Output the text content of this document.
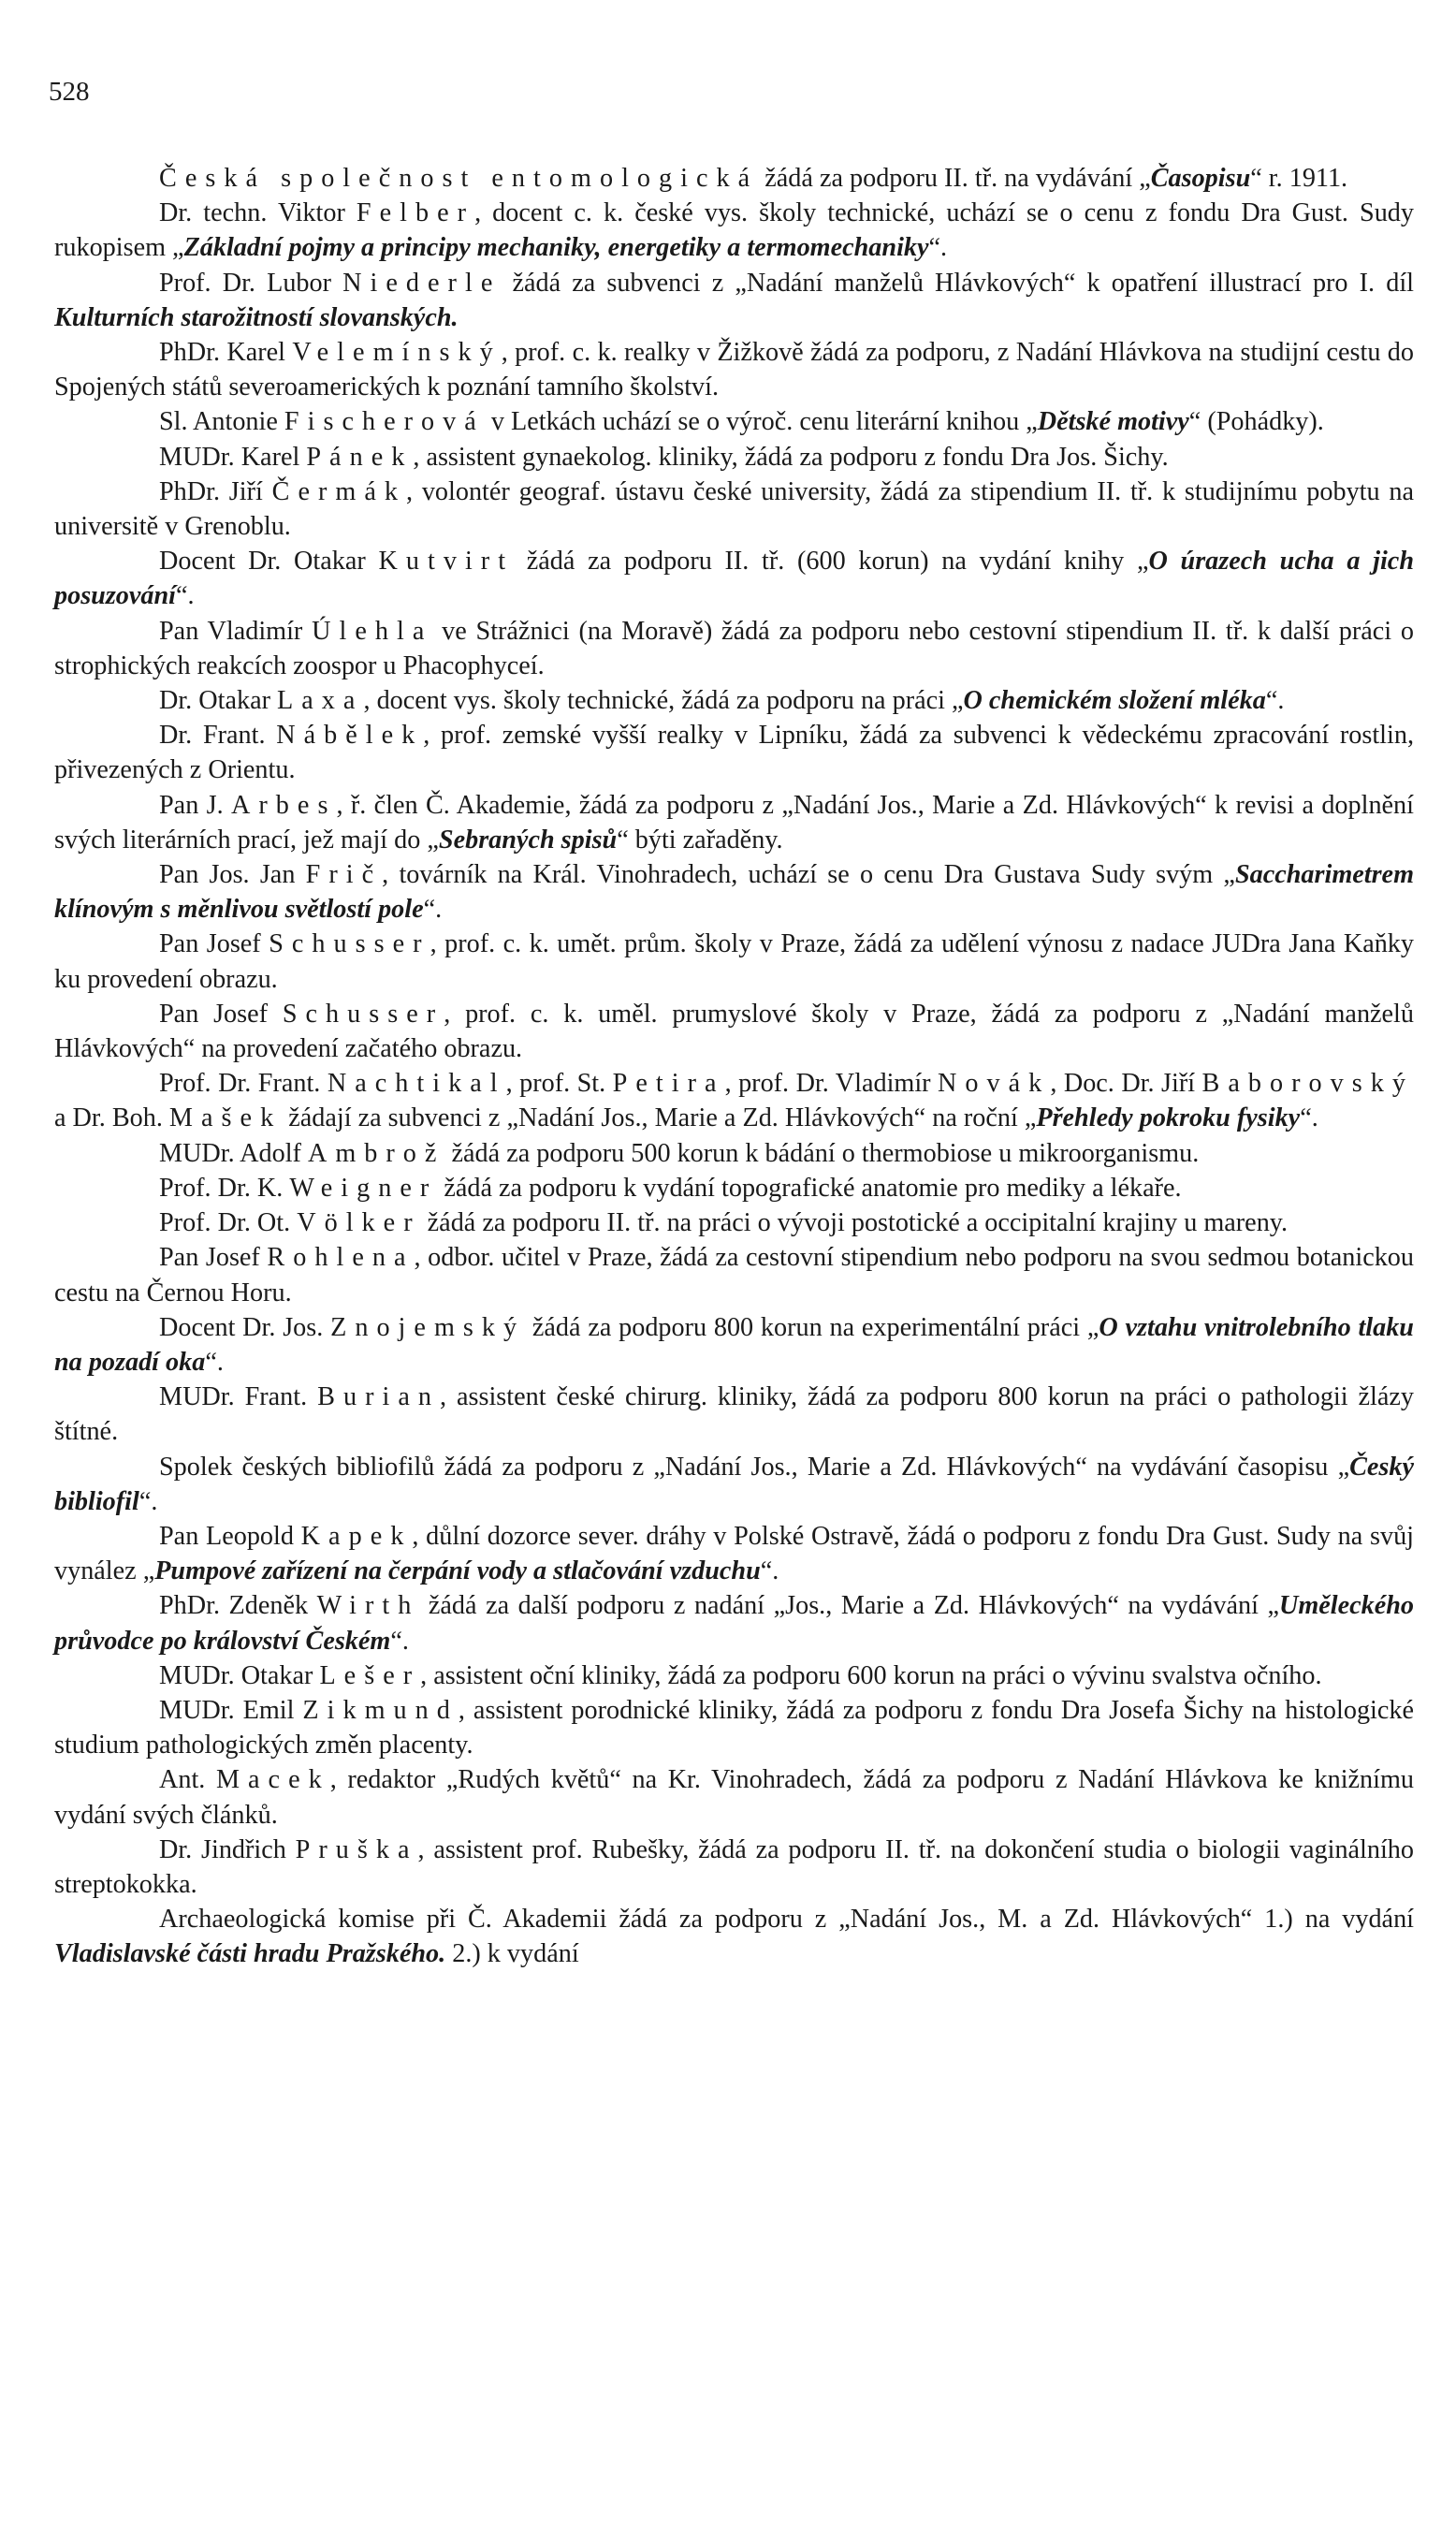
528

Česká společnost entomologická žádá za podporu II. tř. na vydávání „Časopisu“ r. 1911.

Dr. techn. Viktor Felber, docent c. k. české vys. školy technické, uchází se o cenu z fondu Dra Gust. Sudy rukopisem „Základní pojmy a principy mechaniky, energetiky a termomechaniky“.

Prof. Dr. Lubor Niederle žádá za subvenci z „Nadání manželů Hlávkových“ k opatření illustrací pro I. díl Kulturních starožitností slovanských.

PhDr. Karel Velemínský, prof. c. k. realky v Žižkově žádá za podporu, z Nadání Hlávkova na studijní cestu do Spojených států severoamerických k poznání tamního školství.

Sl. Antonie Fischerová v Letkách uchází se o výroč. cenu literární knihou „Dětské motivy“ (Pohádky).

MUDr. Karel Pánek, assistent gynaekolog. kliniky, žádá za podporu z fondu Dra Jos. Šichy.

PhDr. Jiří Čermák, volontér geograf. ústavu české university, žádá za stipendium II. tř. k studijnímu pobytu na universitě v Grenoblu.

Docent Dr. Otakar Kutvirt žádá za podporu II. tř. (600 korun) na vydání knihy „O úrazech ucha a jich posuzování“.

Pan Vladimír Úlehla ve Strážnici (na Moravě) žádá za podporu nebo cestovní stipendium II. tř. k další práci o strophických reakcích zoospor u Phacophyceí.

Dr. Otakar Laxa, docent vys. školy technické, žádá za podporu na práci „O chemickém složení mléka“.

Dr. Frant. Nábělek, prof. zemské vyšší realky v Lipníku, žádá za subvenci k vědeckému zpracování rostlin, přivezených z Orientu.

Pan J. Arbes, ř. člen Č. Akademie, žádá za podporu z „Nadání Jos., Marie a Zd. Hlávkových“ k revisi a doplnění svých literárních prací, jež mají do „Sebraných spisů“ býti zařaděny.

Pan Jos. Jan Frič, továrník na Král. Vinohradech, uchází se o cenu Dra Gustava Sudy svým „Saccharimetrem klínovým s měnlivou světlostí pole“.

Pan Josef Schusser, prof. c. k. umět. prům. školy v Praze, žádá za udělení výnosu z nadace JUDra Jana Kaňky ku provedení obrazu.

Pan Josef Schusser, prof. c. k. uměl. prumyslové školy v Praze, žádá za podporu z „Nadání manželů Hlávkových“ na provedení začatého obrazu.

Prof. Dr. Frant. Nachtikal, prof. St. Petira, prof. Dr. Vladimír Novák, Doc. Dr. Jiří Baborovský a Dr. Boh. Mašek žádají za subvenci z „Nadání Jos., Marie a Zd. Hlávkových“ na roční „Přehledy pokroku fysiky“.

MUDr. Adolf Ambrož žádá za podporu 500 korun k bádání o thermobiose u mikroorganismu.

Prof. Dr. K. Weigner žádá za podporu k vydání topografické anatomie pro mediky a lékaře.

Prof. Dr. Ot. Völker žádá za podporu II. tř. na práci o vývoji postotické a occipitalní krajiny u mareny.

Pan Josef Rohlena, odbor. učitel v Praze, žádá za cestovní stipendium nebo podporu na svou sedmou botanickou cestu na Černou Horu.

Docent Dr. Jos. Znojemský žádá za podporu 800 korun na experimentální práci „O vztahu vnitrolebního tlaku na pozadí oka“.

MUDr. Frant. Burian, assistent české chirurg. kliniky, žádá za podporu 800 korun na práci o pathologii žlázy štítné.

Spolek českých bibliofilů žádá za podporu z „Nadání Jos., Marie a Zd. Hlávkových“ na vydávání časopisu „Český bibliofil“.

Pan Leopold Kapek, důlní dozorce sever. dráhy v Polské Ostravě, žádá o podporu z fondu Dra Gust. Sudy na svůj vynález „Pumpové zařízení na čerpání vody a stlačování vzduchu“.

PhDr. Zdeněk Wirth žádá za další podporu z nadání „Jos., Marie a Zd. Hlávkových“ na vydávání „Uměleckého průvodce po království Českém“.

MUDr. Otakar Lešer, assistent oční kliniky, žádá za podporu 600 korun na práci o vývinu svalstva očního.

MUDr. Emil Zikmund, assistent porodnické kliniky, žádá za podporu z fondu Dra Josefa Šichy na histologické studium pathologických změn placenty.

Ant. Macek, redaktor „Rudých květů“ na Kr. Vinohradech, žádá za podporu z Nadání Hlávkova ke knižnímu vydání svých článků.

Dr. Jindřich Pruška, assistent prof. Rubešky, žádá za podporu II. tř. na dokončení studia o biologii vaginálního streptokokka.

Archaeologická komise při Č. Akademii žádá za podporu z „Nadání Jos., M. a Zd. Hlávkových“ 1.) na vydání Vladislavské části hradu Pražského. 2.) k vydání
